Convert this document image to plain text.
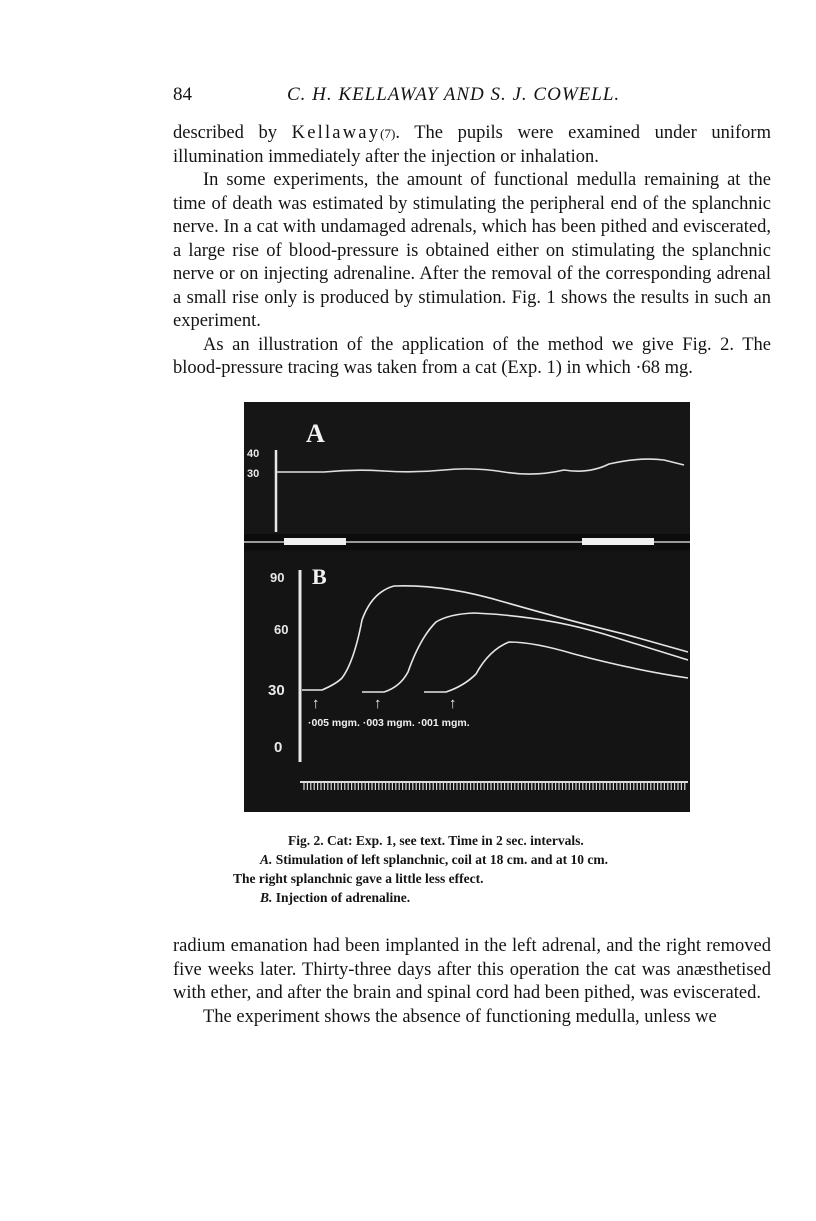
84	C. H. KELLAWAY AND S. J. COWELL.

described by Kellaway(7). The pupils were examined under uniform illumination immediately after the injection or inhalation.

In some experiments, the amount of functional medulla remaining at the time of death was estimated by stimulating the peripheral end of the splanchnic nerve. In a cat with undamaged adrenals, which has been pithed and eviscerated, a large rise of blood-pressure is obtained either on stimulating the splanchnic nerve or on injecting adrenaline. After the removal of the corresponding adrenal a small rise only is produced by stimulation. Fig. 1 shows the results in such an experiment.

As an illustration of the application of the method we give Fig. 2. The blood-pressure tracing was taken from a cat (Exp. 1) in which ·68 mg.

A
40
30
B
90
60
30
0
↑	↑	↑
·005 mgm. ·003 mgm. ·001 mgm.
Fig. 2. Cat: Exp. 1, see text. Time in 2 sec. intervals.
A. Stimulation of left splanchnic, coil at 18 cm. and at 10 cm.
The right splanchnic gave a little less effect.
B. Injection of adrenaline.

radium emanation had been implanted in the left adrenal, and the right removed five weeks later. Thirty-three days after this operation the cat was anæsthetised with ether, and after the brain and spinal cord had been pithed, was eviscerated.

The experiment shows the absence of functioning medulla, unless we
